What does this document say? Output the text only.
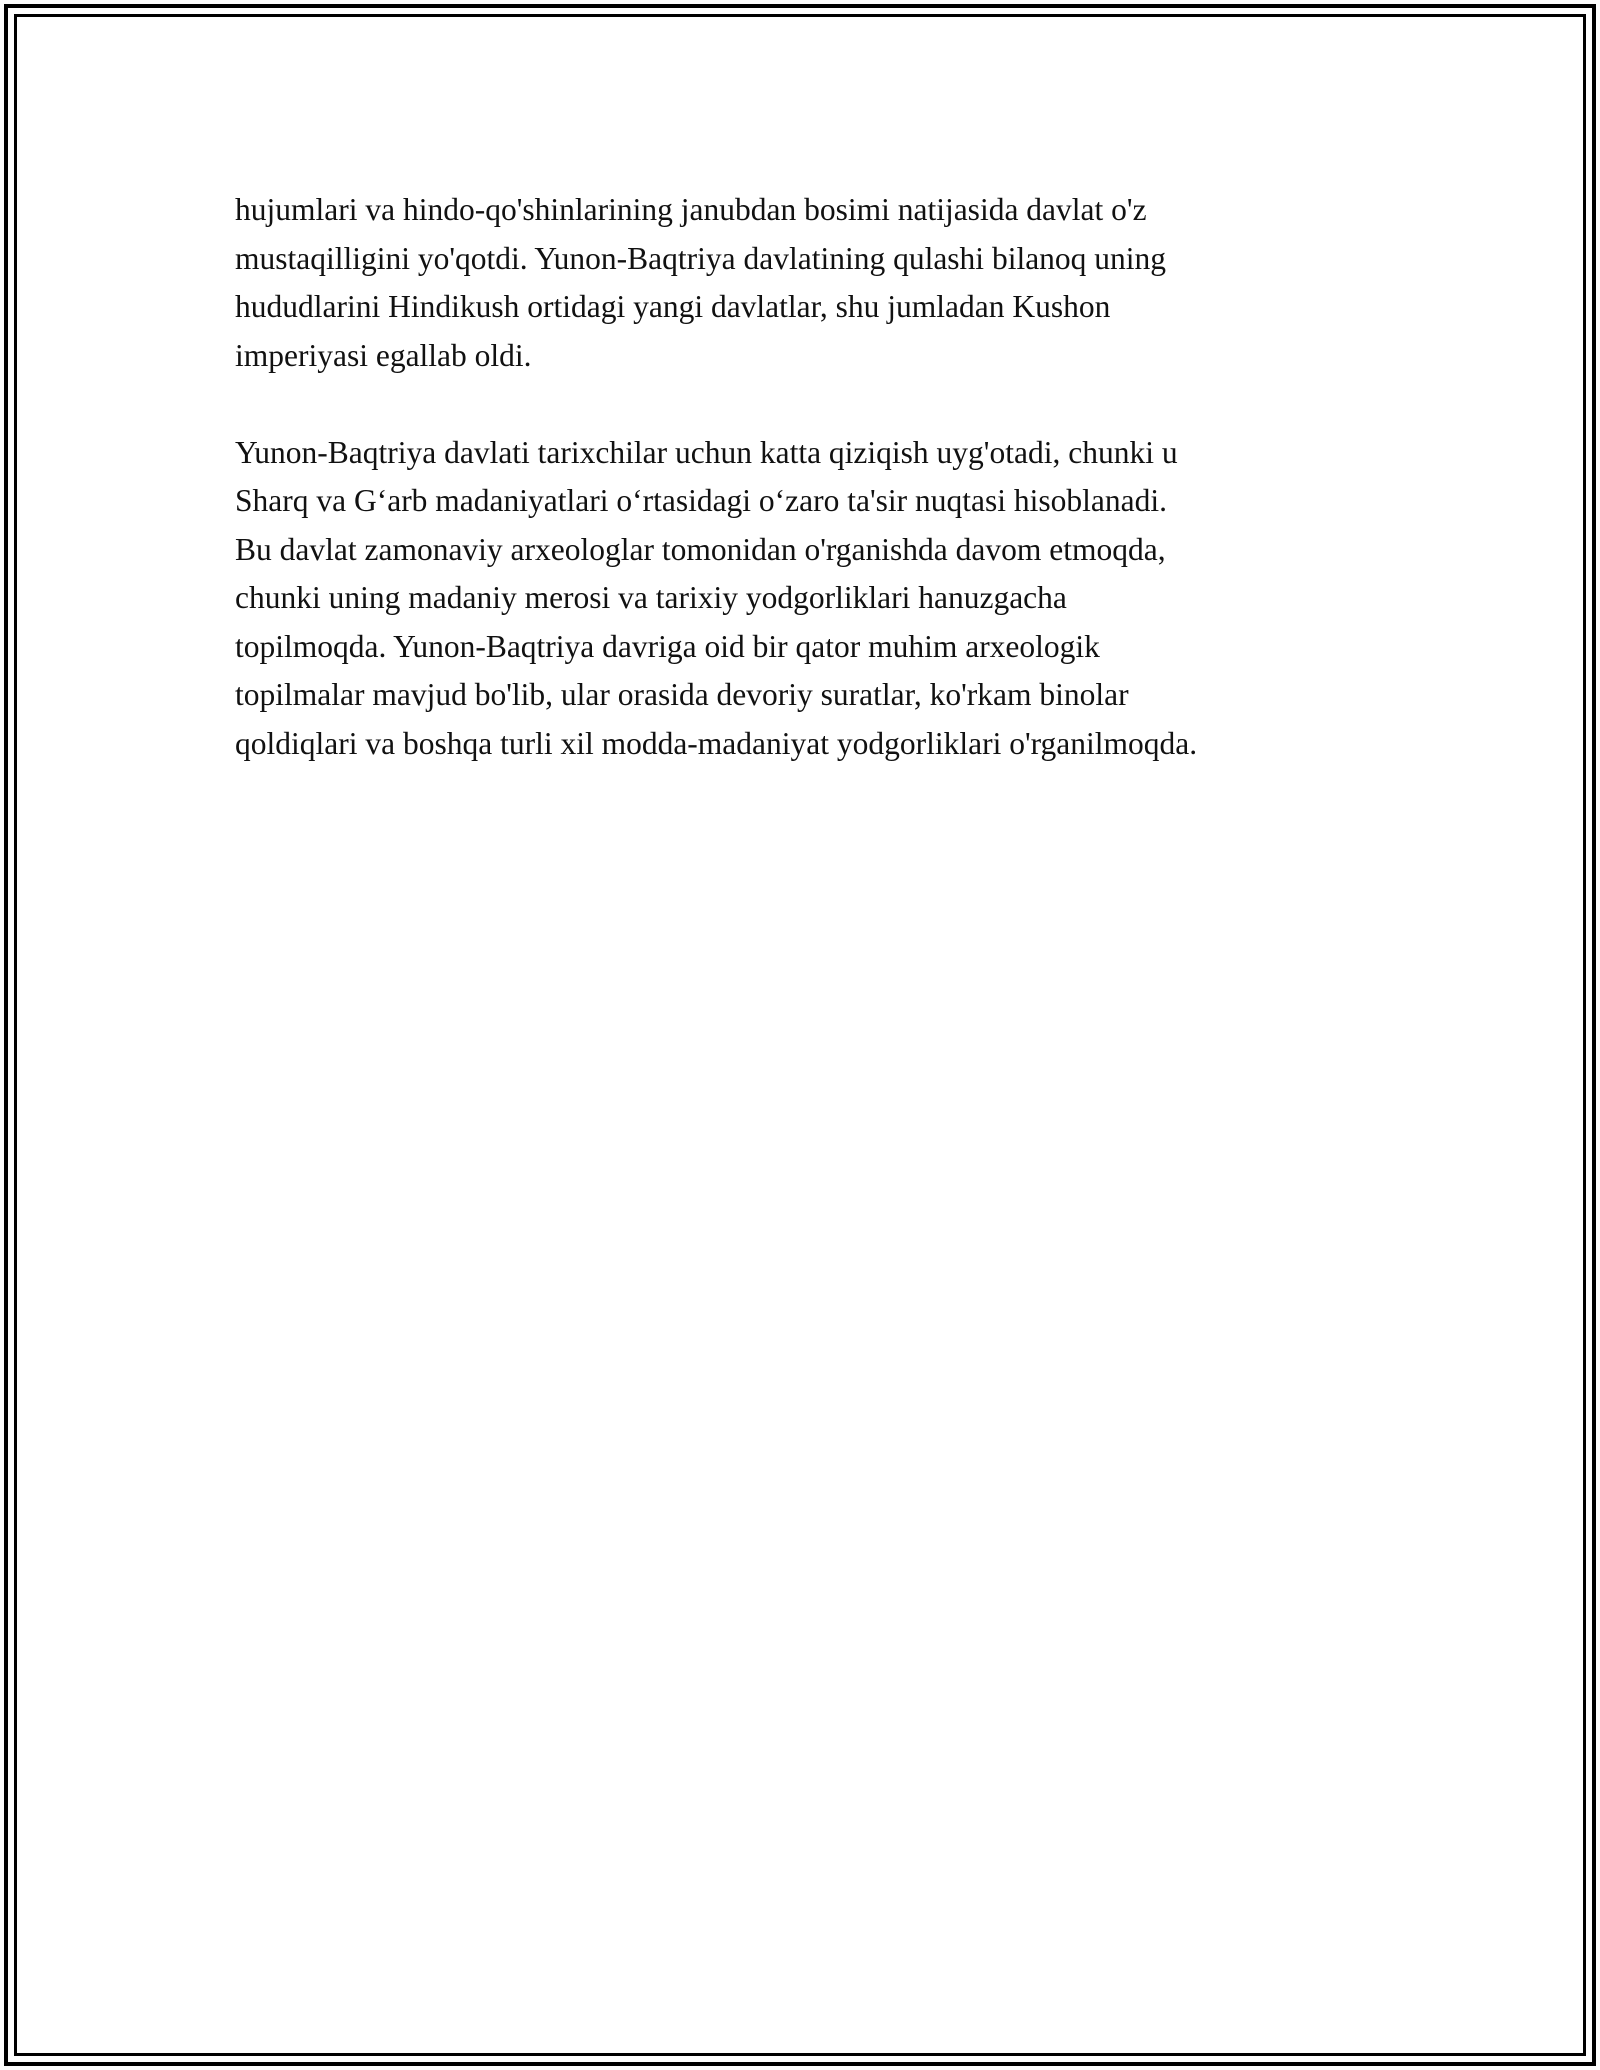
hujumlari va hindo-qo'shinlarining janubdan bosimi natijasida davlat o'z
mustaqilligini yo'qotdi. Yunon-Baqtriya davlatining qulashi bilanoq uning
hududlarini Hindikush ortidagi yangi davlatlar, shu jumladan Kushon
imperiyasi egallab oldi.

Yunon-Baqtriya davlati tarixchilar uchun katta qiziqish uyg'otadi, chunki u
Sharq va G‘arb madaniyatlari o‘rtasidagi o‘zaro ta'sir nuqtasi hisoblanadi.
Bu davlat zamonaviy arxeologlar tomonidan o'rganishda davom etmoqda,
chunki uning madaniy merosi va tarixiy yodgorliklari hanuzgacha
topilmoqda. Yunon-Baqtriya davriga oid bir qator muhim arxeologik
topilmalar mavjud bo'lib, ular orasida devoriy suratlar, ko'rkam binolar
qoldiqlari va boshqa turli xil modda-madaniyat yodgorliklari o'rganilmoqda.
